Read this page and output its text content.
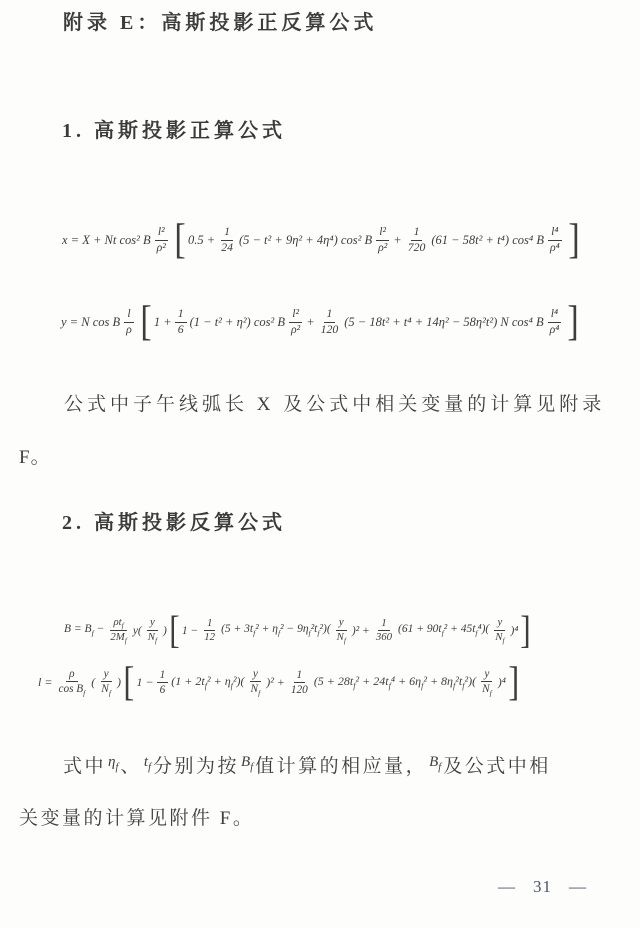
附录 E：高斯投影正反算公式
1. 高斯投影正算公式
x = X + Nt cos² B $\frac{\text{l²}}{\text{ρ²}}$ [ $0.5 + \frac{1}{24} (5 - t^2 + 9\eta^2 + 4\eta^4)$ cos² B $\frac{\text{l²}}{\text{ρ²}} + \frac{1}{720} (61 - 58t^2 + t^4)$ cos⁴ B $\frac{\text{l⁴}}{\text{ρ⁴}}$ ]
y = N cos B $\frac{l}{\rho}$ [ $1 + \frac{1}{6} (1 - t^2 + \eta^2)$ cos² B $\frac{\text{l²}}{\text{ρ²}} + \frac{1}{120} (5 - 18t^2 + t^4 + 14\eta^2 - 58\eta^2t^2)$ N cos⁴ B $\frac{\text{l⁴}}{\text{ρ⁴}}$ ]
公式中子午线弧长 X 及公式中相关变量的计算见附录
F。
2. 高斯投影反算公式
$B = B_f - \frac{\rho t_f}{2M_f} y( \frac{y}{N_f}$ ) [ $1 - \frac{1}{12} (5 + 3t_f^2 + \eta_f^2 - 9\eta_f^2t_f^2)( \frac{y}{N_f} )^2 + \frac{1}{360} (61 + 90t_f^2 + 45t_f^4)( \frac{y}{N_f} )^4$ ]
$l = \frac{\rho}{\cos B_f}$ ( $\frac{y}{N_f}$ ) [ $1 - \frac{1}{6} (1 + 2t_f^2 + \eta_f^2)( \frac{y}{N_f} )^2 + \frac{1}{120} (5 + 28t_f^2 + 24t_f^4 + 6\eta_f^2 + 8\eta_f^2t_f^2)( \frac{y}{N_f} )^4$ ]
式中 $^{\eta_f}$ 、 $^{t_f}$ 分别为按 $^{B_f}$ 值计算的相应量， $^{B_f}$ 及公式中相
关变量的计算见附件 F。
— 31 —
